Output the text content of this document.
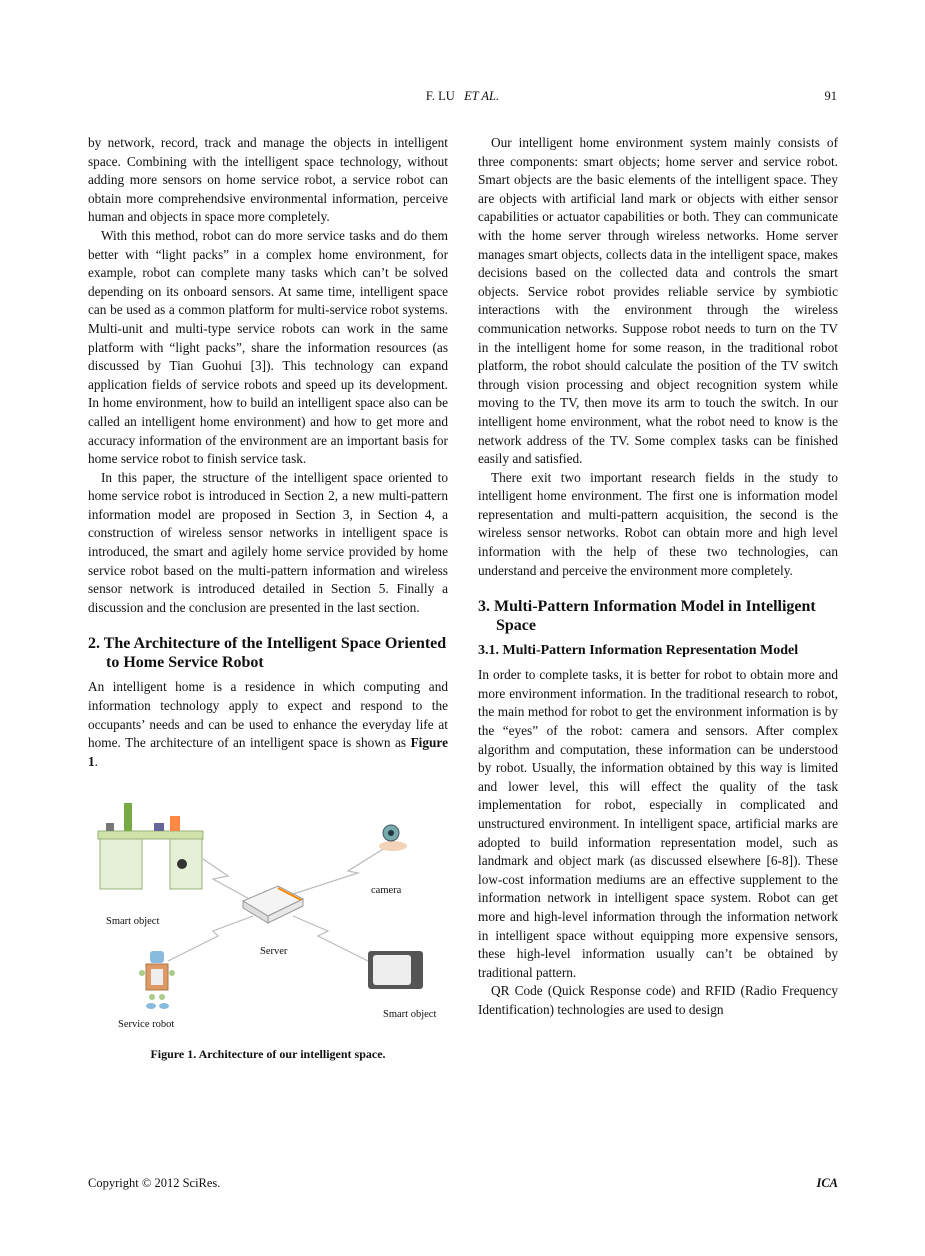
F. LU ET AL.	91

by network, record, track and manage the objects in intelligent space. Combining with the intelligent space technology, without adding more sensors on home service robot, a service robot can obtain more comprehendsive environmental information, perceive human and objects in space more completely.

With this method, robot can do more service tasks and do them better with “light packs” in a complex home environment, for example, robot can complete many tasks which can’t be solved depending on its onboard sensors. At same time, intelligent space can be used as a common platform for multi-service robot systems. Multi-unit and multi-type service robots can work in the same platform with “light packs”, share the information resources (as discussed by Tian Guohui [3]). This technology can expand application fields of service robots and speed up its development. In home environment, how to build an intelligent space also can be called an intelligent home environment) and how to get more and accuracy information of the environment are an important basis for home service robot to finish service task.

In this paper, the structure of the intelligent space oriented to home service robot is introduced in Section 2, a new multi-pattern information model are proposed in Section 3, in Section 4, a construction of wireless sensor networks in intelligent space is introduced, the smart and agilely home service provided by home service robot based on the multi-pattern information and wireless sensor network is introduced detailed in Section 5. Finally a discussion and the conclusion are presented in the last section.

2. The Architecture of the Intelligent Space Oriented to Home Service Robot

An intelligent home is a residence in which computing and information technology apply to expect and respond to the occupants’ needs and can be used to enhance the everyday life at home. The architecture of an intelligent space is shown as Figure 1.

Smart object
camera
Server
Service robot
Smart object
Figure 1. Architecture of our intelligent space.

Our intelligent home environment system mainly consists of three components: smart objects; home server and service robot. Smart objects are the basic elements of the intelligent space. They are objects with artificial land mark or objects with either sensor capabilities or actuator capabilities or both. They can communicate with the home server through wireless networks. Home server manages smart objects, collects data in the intelligent space, makes decisions based on the collected data and controls the smart objects. Service robot provides reliable service by symbiotic interactions with the environment through the wireless communication networks. Suppose robot needs to turn on the TV in the intelligent home for some reason, in the traditional robot platform, the robot should calculate the position of the TV switch through vision processing and object recognition system while moving to the TV, then move its arm to touch the switch. In our intelligent home environment, what the robot need to know is the network address of the TV. Some complex tasks can be finished easily and satisfied.

There exit two important research fields in the study to intelligent home environment. The first one is information model representation and multi-pattern acquisition, the second is the wireless sensor networks. Robot can obtain more and high level information with the help of these two technologies, can understand and perceive the environment more completely.

3. Multi-Pattern Information Model in Intelligent Space
3.1. Multi-Pattern Information Representation Model

In order to complete tasks, it is better for robot to obtain more and more environment information. In the traditional research to robot, the main method for robot to get the environment information is by the “eyes” of the robot: camera and sensors. After complex algorithm and computation, these information can be understood by robot. Usually, the information obtained by this way is limited and lower level, this will effect the quality of the task implementation for robot, especially in complicated and unstructured environment. In intelligent space, artificial marks are adopted to build information representation model, such as landmark and object mark (as discussed elsewhere [6-8]). These low-cost information mediums are an effective supplement to the information network in intelligent space system. Robot can get more and high-level information through the information network in intelligent space without equipping more expensive sensors, these high-level information usually can’t be obtained by traditional pattern.

QR Code (Quick Response code) and RFID (Radio Frequency Identification) technologies are used to design

Copyright © 2012 SciRes.	ICA
